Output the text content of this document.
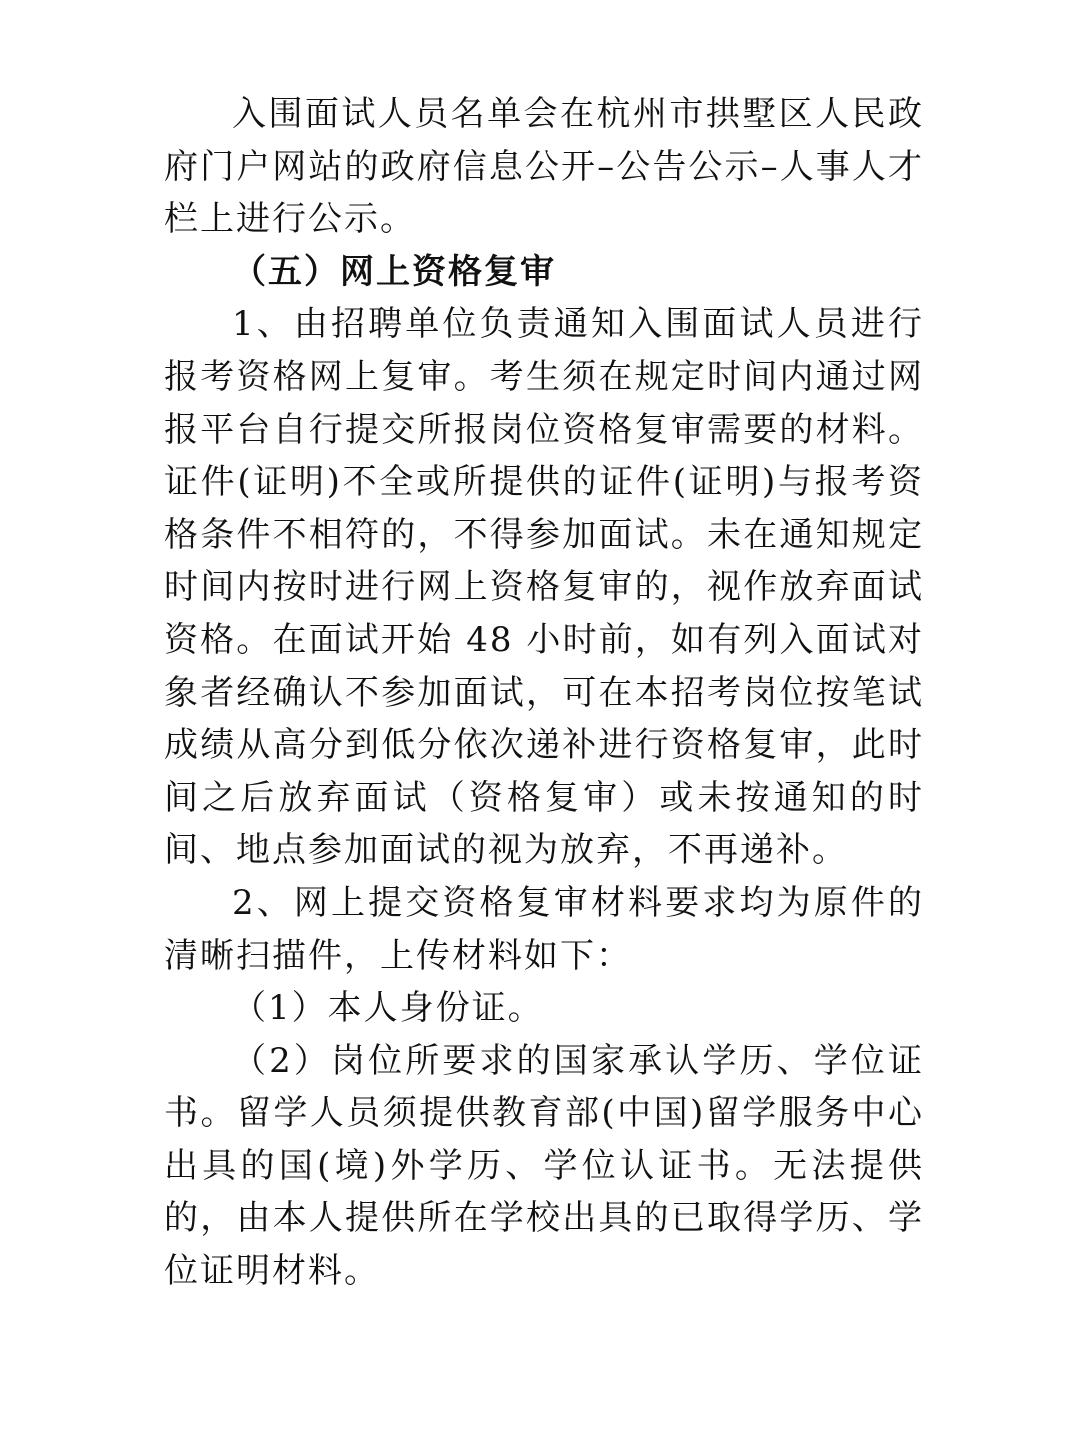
入围面试人员名单会在杭州市拱墅区人民政府门户网站的政府信息公开–公告公示–人事人才栏上进行公示。

（五）网上资格复审

1、由招聘单位负责通知入围面试人员进行报考资格网上复审。考生须在规定时间内通过网报平台自行提交所报岗位资格复审需要的材料。证件(证明)不全或所提供的证件(证明)与报考资格条件不相符的，不得参加面试。未在通知规定时间内按时进行网上资格复审的，视作放弃面试资格。在面试开始 48 小时前，如有列入面试对象者经确认不参加面试，可在本招考岗位按笔试成绩从高分到低分依次递补进行资格复审，此时间之后放弃面试（资格复审）或未按通知的时间、地点参加面试的视为放弃，不再递补。

2、网上提交资格复审材料要求均为原件的清晰扫描件，上传材料如下：

（1）本人身份证。

（2）岗位所要求的国家承认学历、学位证书。留学人员须提供教育部(中国)留学服务中心出具的国(境)外学历、学位认证书。无法提供的，由本人提供所在学校出具的已取得学历、学位证明材料。
